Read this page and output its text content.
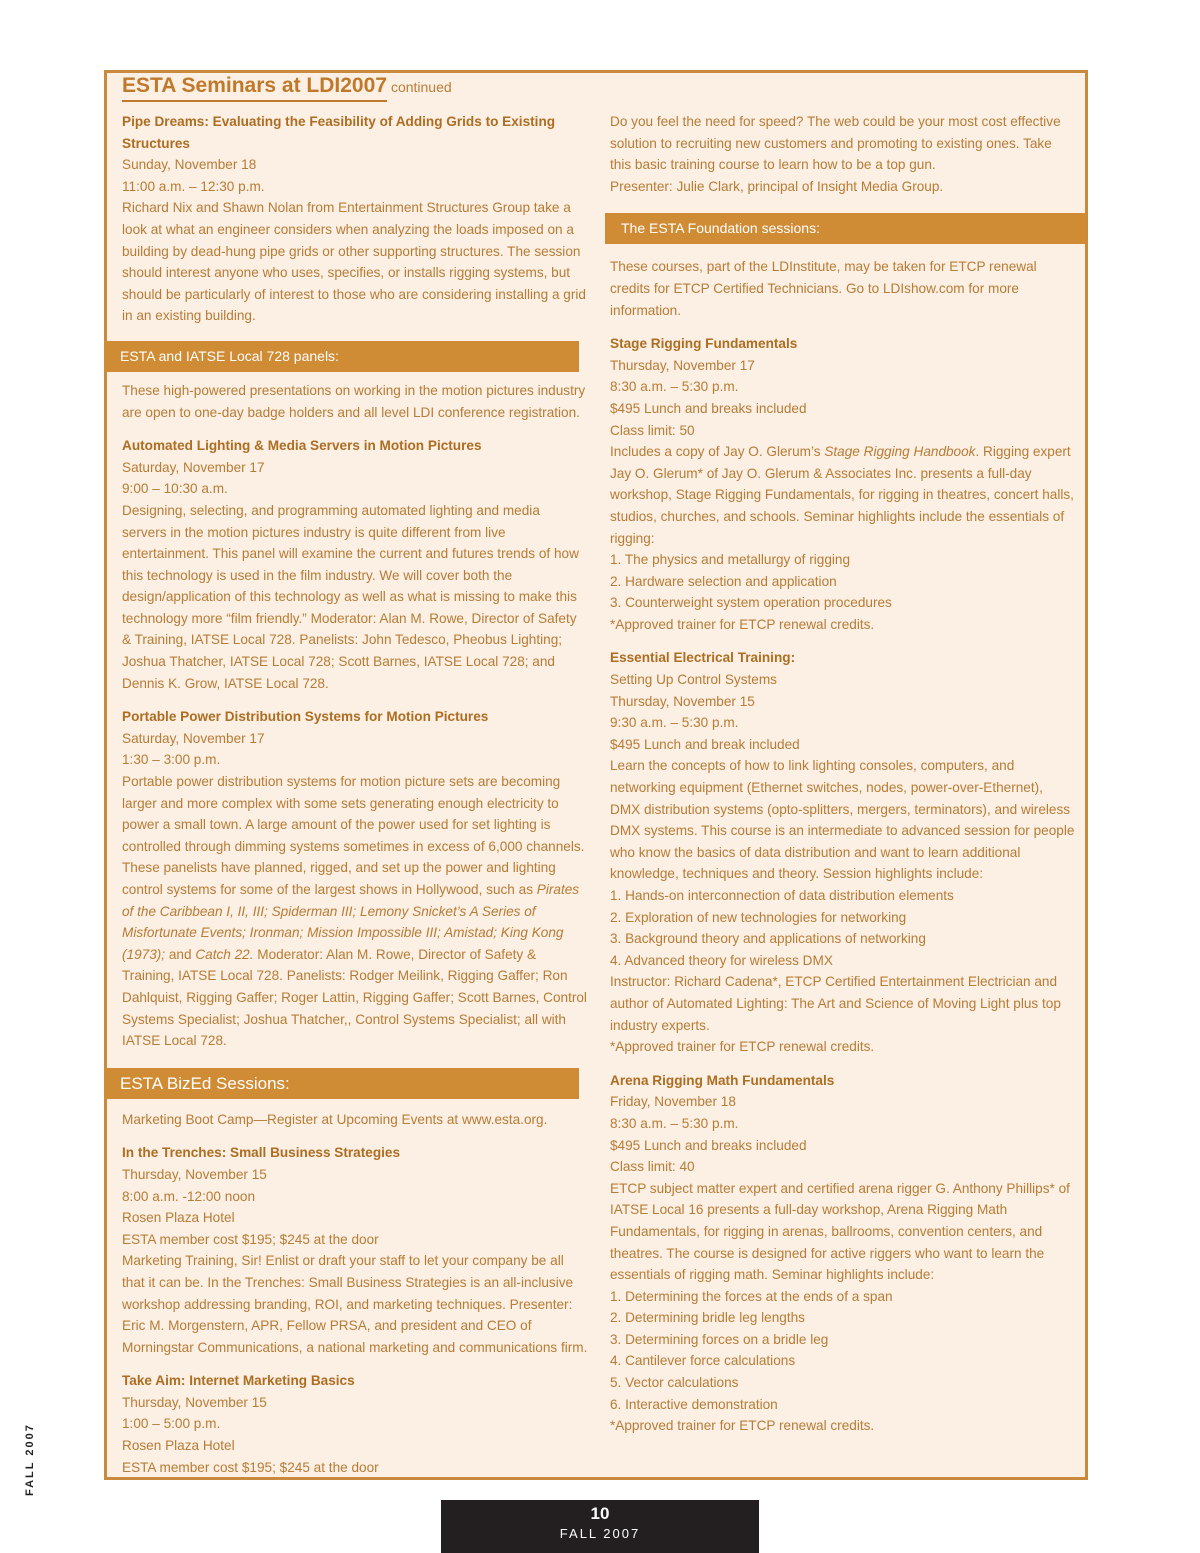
ESTA Seminars at LDI2007 continued

Pipe Dreams: Evaluating the Feasibility of Adding Grids to Existing Structures

Sunday, November 18

11:00 a.m. – 12:30 p.m.

Richard Nix and Shawn Nolan from Entertainment Structures Group take a look at what an engineer considers when analyzing the loads imposed on a building by dead-hung pipe grids or other supporting structures. The session should interest anyone who uses, specifies, or installs rigging systems, but should be particularly of interest to those who are considering installing a grid in an existing building.

ESTA and IATSE Local 728 panels:

These high-powered presentations on working in the motion pictures industry are open to one-day badge holders and all level LDI conference registration.

Automated Lighting & Media Servers in Motion Pictures

Saturday, November 17

9:00 – 10:30 a.m.

Designing, selecting, and programming automated lighting and media servers in the motion pictures industry is quite different from live entertainment. This panel will examine the current and futures trends of how this technology is used in the film industry. We will cover both the design/application of this technology as well as what is missing to make this technology more “film friendly.” Moderator: Alan M. Rowe, Director of Safety & Training, IATSE Local 728. Panelists: John Tedesco, Pheobus Lighting; Joshua Thatcher, IATSE Local 728; Scott Barnes, IATSE Local 728; and Dennis K. Grow, IATSE Local 728.

Portable Power Distribution Systems for Motion Pictures

Saturday, November 17

1:30 – 3:00 p.m.

Portable power distribution systems for motion picture sets are becoming larger and more complex with some sets generating enough electricity to power a small town. A large amount of the power used for set lighting is controlled through dimming systems sometimes in excess of 6,000 channels. These panelists have planned, rigged, and set up the power and lighting control systems for some of the largest shows in Hollywood, such as Pirates of the Caribbean I, II, III; Spiderman III; Lemony Snicket’s A Series of Misfortunate Events; Ironman; Mission Impossible III; Amistad; King Kong (1973); and Catch 22. Moderator: Alan M. Rowe, Director of Safety & Training, IATSE Local 728. Panelists: Rodger Meilink, Rigging Gaffer; Ron Dahlquist, Rigging Gaffer; Roger Lattin, Rigging Gaffer; Scott Barnes, Control Systems Specialist; Joshua Thatcher,, Control Systems Specialist; all with IATSE Local 728.

ESTA BizEd Sessions:

Marketing Boot Camp—Register at Upcoming Events at www.esta.org.

In the Trenches: Small Business Strategies

Thursday, November 15

8:00 a.m. -12:00 noon

Rosen Plaza Hotel

ESTA member cost $195; $245 at the door

Marketing Training, Sir! Enlist or draft your staff to let your company be all that it can be. In the Trenches: Small Business Strategies is an all-inclusive workshop addressing branding, ROI, and marketing techniques. Presenter: Eric M. Morgenstern, APR, Fellow PRSA, and president and CEO of Morningstar Communications, a national marketing and communications firm.

Take Aim: Internet Marketing Basics

Thursday, November 15

1:00 – 5:00 p.m.

Rosen Plaza Hotel

ESTA member cost $195; $245 at the door

Do you feel the need for speed? The web could be your most cost effective solution to recruiting new customers and promoting to existing ones. Take this basic training course to learn how to be a top gun.

Presenter: Julie Clark, principal of Insight Media Group.

The ESTA Foundation sessions:

These courses, part of the LDInstitute, may be taken for ETCP renewal credits for ETCP Certified Technicians. Go to LDIshow.com for more information.

Stage Rigging Fundamentals

Thursday, November 17

8:30 a.m. – 5:30 p.m.

$495 Lunch and breaks included

Class limit: 50

Includes a copy of Jay O. Glerum’s Stage Rigging Handbook. Rigging expert Jay O. Glerum* of Jay O. Glerum & Associates Inc. presents a full-day workshop, Stage Rigging Fundamentals, for rigging in theatres, concert halls, studios, churches, and schools. Seminar highlights include the essentials of rigging:

1. The physics and metallurgy of rigging

2. Hardware selection and application

3. Counterweight system operation procedures

*Approved trainer for ETCP renewal credits.

Essential Electrical Training:

Setting Up Control Systems

Thursday, November 15

9:30 a.m. – 5:30 p.m.

$495 Lunch and break included

Learn the concepts of how to link lighting consoles, computers, and networking equipment (Ethernet switches, nodes, power-over-Ethernet), DMX distribution systems (opto-splitters, mergers, terminators), and wireless DMX systems. This course is an intermediate to advanced session for people who know the basics of data distribution and want to learn additional knowledge, techniques and theory. Session highlights include:

1. Hands-on interconnection of data distribution elements

2. Exploration of new technologies for networking

3. Background theory and applications of networking

4. Advanced theory for wireless DMX

Instructor: Richard Cadena*, ETCP Certified Entertainment Electrician and author of Automated Lighting: The Art and Science of Moving Light plus top industry experts.

*Approved trainer for ETCP renewal credits.

Arena Rigging Math Fundamentals

Friday, November 18

8:30 a.m. – 5:30 p.m.

$495 Lunch and breaks included

Class limit: 40

ETCP subject matter expert and certified arena rigger G. Anthony Phillips* of IATSE Local 16 presents a full-day workshop, Arena Rigging Math Fundamentals, for rigging in arenas, ballrooms, convention centers, and theatres. The course is designed for active riggers who want to learn the essentials of rigging math. Seminar highlights include:

1. Determining the forces at the ends of a span

2. Determining bridle leg lengths

3. Determining forces on a bridle leg

4. Cantilever force calculations

5. Vector calculations

6. Interactive demonstration

*Approved trainer for ETCP renewal credits.

FALL 2007
10
FALL 2007
